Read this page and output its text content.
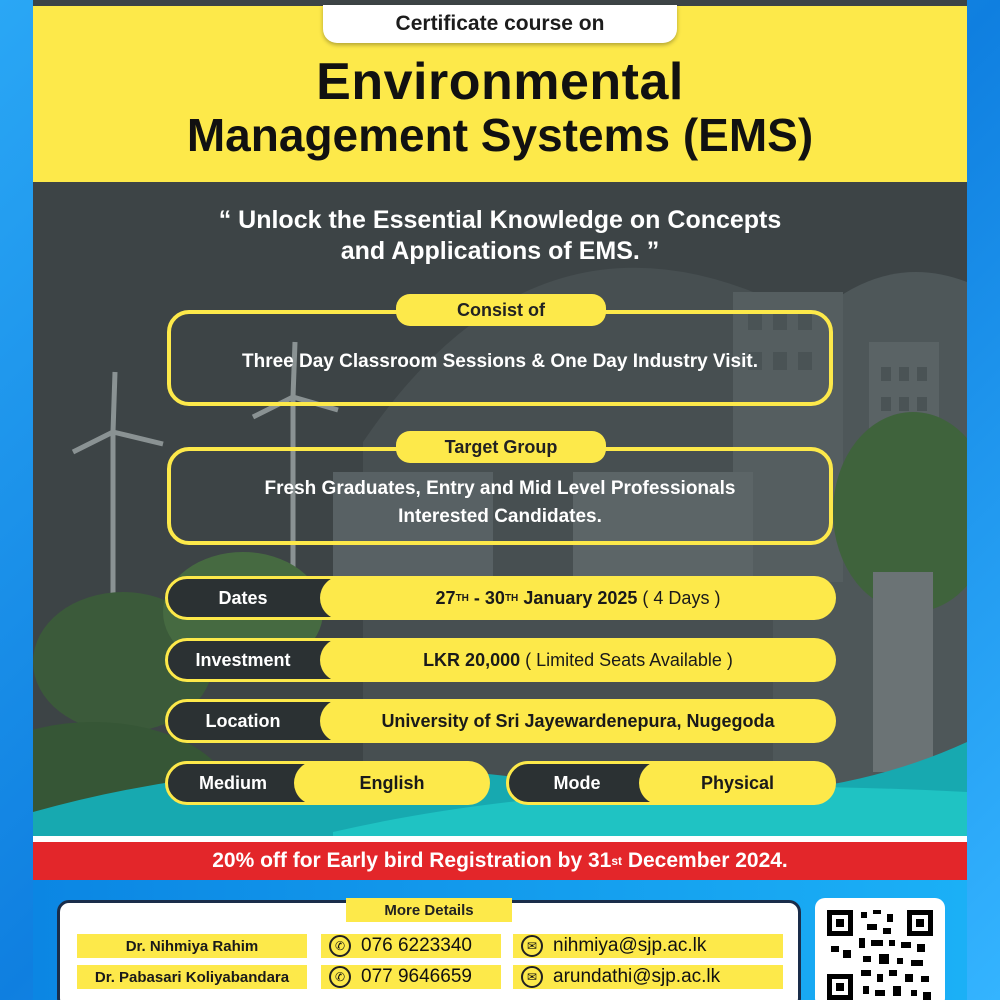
Certificate course on
Environmental
Management Systems (EMS)
“ Unlock the Essential Knowledge on Concepts
and Applications of EMS. ”
Three Day Classroom Sessions & One Day Industry Visit.
Consist of
Fresh Graduates, Entry and Mid Level Professionals
Interested Candidates.
Target Group
Dates	27 TH - 30 TH
January 2025
( 4 Days )
Investment	LKR 20,000
( Limited Seats Available )
Location	University of Sri Jayewardenepura, Nugegoda
Medium	English	Mode	Physical
20% off for Early bird Registration by 31 st
December 2024.
More Details
Dr. Nihmiya Rahim	✆ 076 6223340	✉ nihmiya@sjp.ac.lk
Dr. Pabasari Koliyabandara	✆ 077 9646659	✉ arundathi@sjp.ac.lk
